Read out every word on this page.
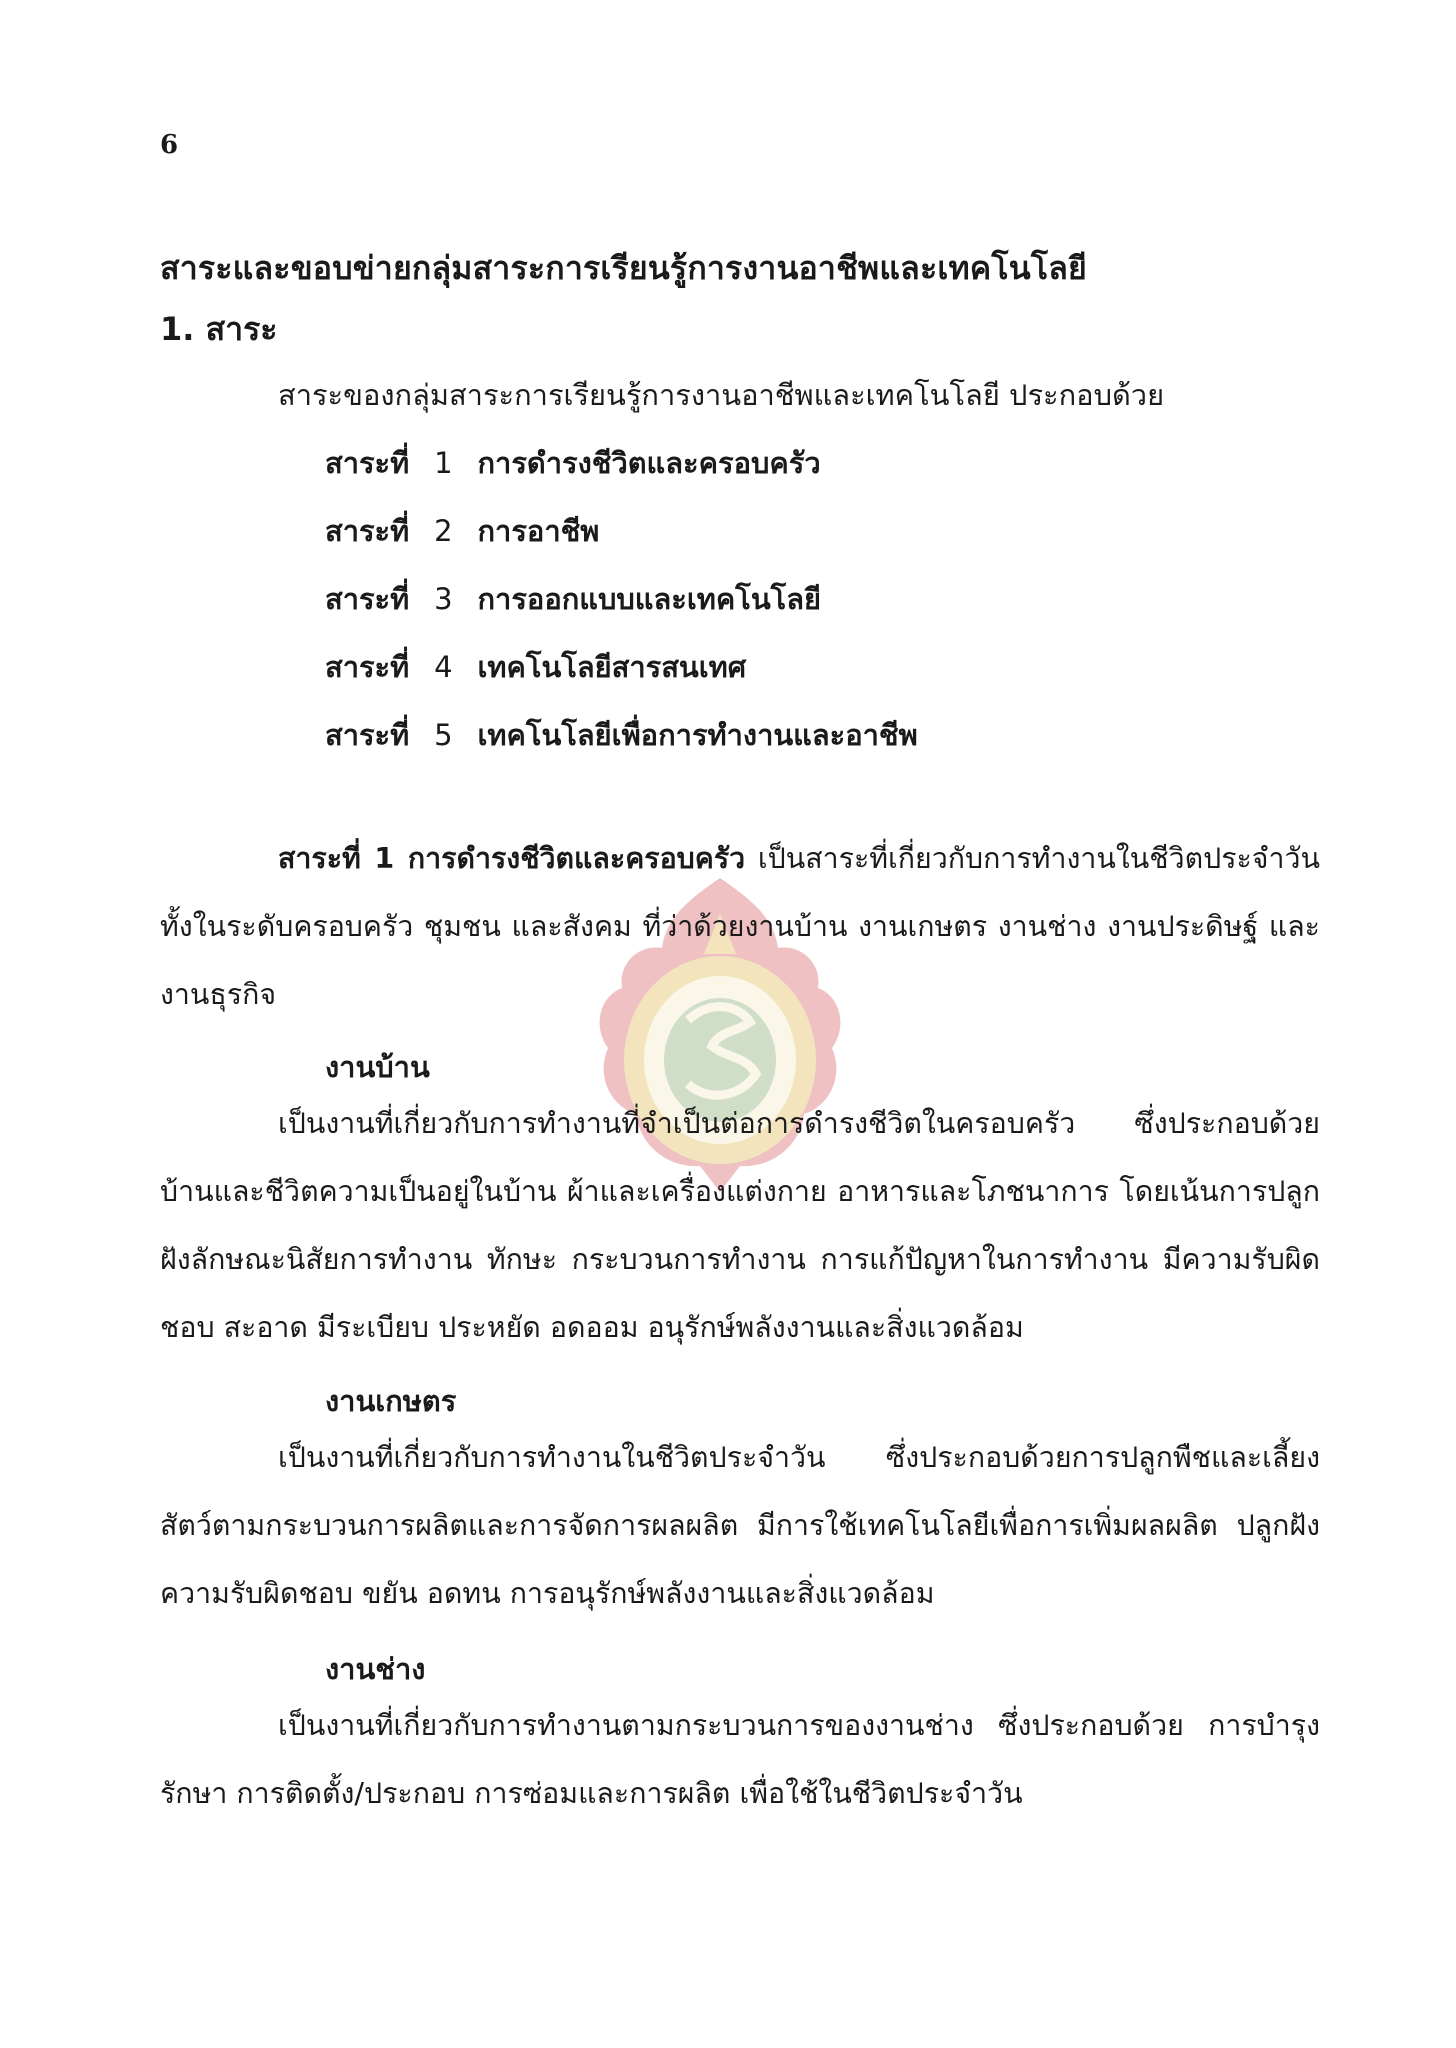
6

สาระและขอบข่ายกลุ่มสาระการเรียนรู้การงานอาชีพและเทคโนโลยี
1. สาระ

สาระของกลุ่มสาระการเรียนรู้การงานอาชีพและเทคโนโลยี ประกอบด้วย

สาระที่ 1 การดำรงชีวิตและครอบครัว

สาระที่ 2 การอาชีพ

สาระที่ 3 การออกแบบและเทคโนโลยี

สาระที่ 4 เทคโนโลยีสารสนเทศ

สาระที่ 5 เทคโนโลยีเพื่อการทำงานและอาชีพ

สาระที่ 1 การดำรงชีวิตและครอบครัว เป็นสาระที่เกี่ยวกับการทำงานในชีวิตประจำวัน ทั้งในระดับครอบครัว ชุมชน และสังคม ที่ว่าด้วยงานบ้าน งานเกษตร งานช่าง งานประดิษฐ์ และงานธุรกิจ

งานบ้าน

เป็นงานที่เกี่ยวกับการทำงานที่จำเป็นต่อการดำรงชีวิตในครอบครัว ซึ่งประกอบด้วย บ้านและชีวิตความเป็นอยู่ในบ้าน ผ้าและเครื่องแต่งกาย อาหารและโภชนาการ โดยเน้นการปลูกฝังลักษณะนิสัยการทำงาน ทักษะ กระบวนการทำงาน การแก้ปัญหาในการทำงาน มีความรับผิดชอบ สะอาด มีระเบียบ ประหยัด อดออม อนุรักษ์พลังงานและสิ่งแวดล้อม

งานเกษตร

เป็นงานที่เกี่ยวกับการทำงานในชีวิตประจำวัน ซึ่งประกอบด้วยการปลูกพืชและเลี้ยงสัตว์ตามกระบวนการผลิตและการจัดการผลผลิต มีการใช้เทคโนโลยีเพื่อการเพิ่มผลผลิต ปลูกฝังความรับผิดชอบ ขยัน อดทน การอนุรักษ์พลังงานและสิ่งแวดล้อม

งานช่าง

เป็นงานที่เกี่ยวกับการทำงานตามกระบวนการของงานช่าง ซึ่งประกอบด้วย การบำรุงรักษา การติดตั้ง/ประกอบ การซ่อมและการผลิต เพื่อใช้ในชีวิตประจำวัน
